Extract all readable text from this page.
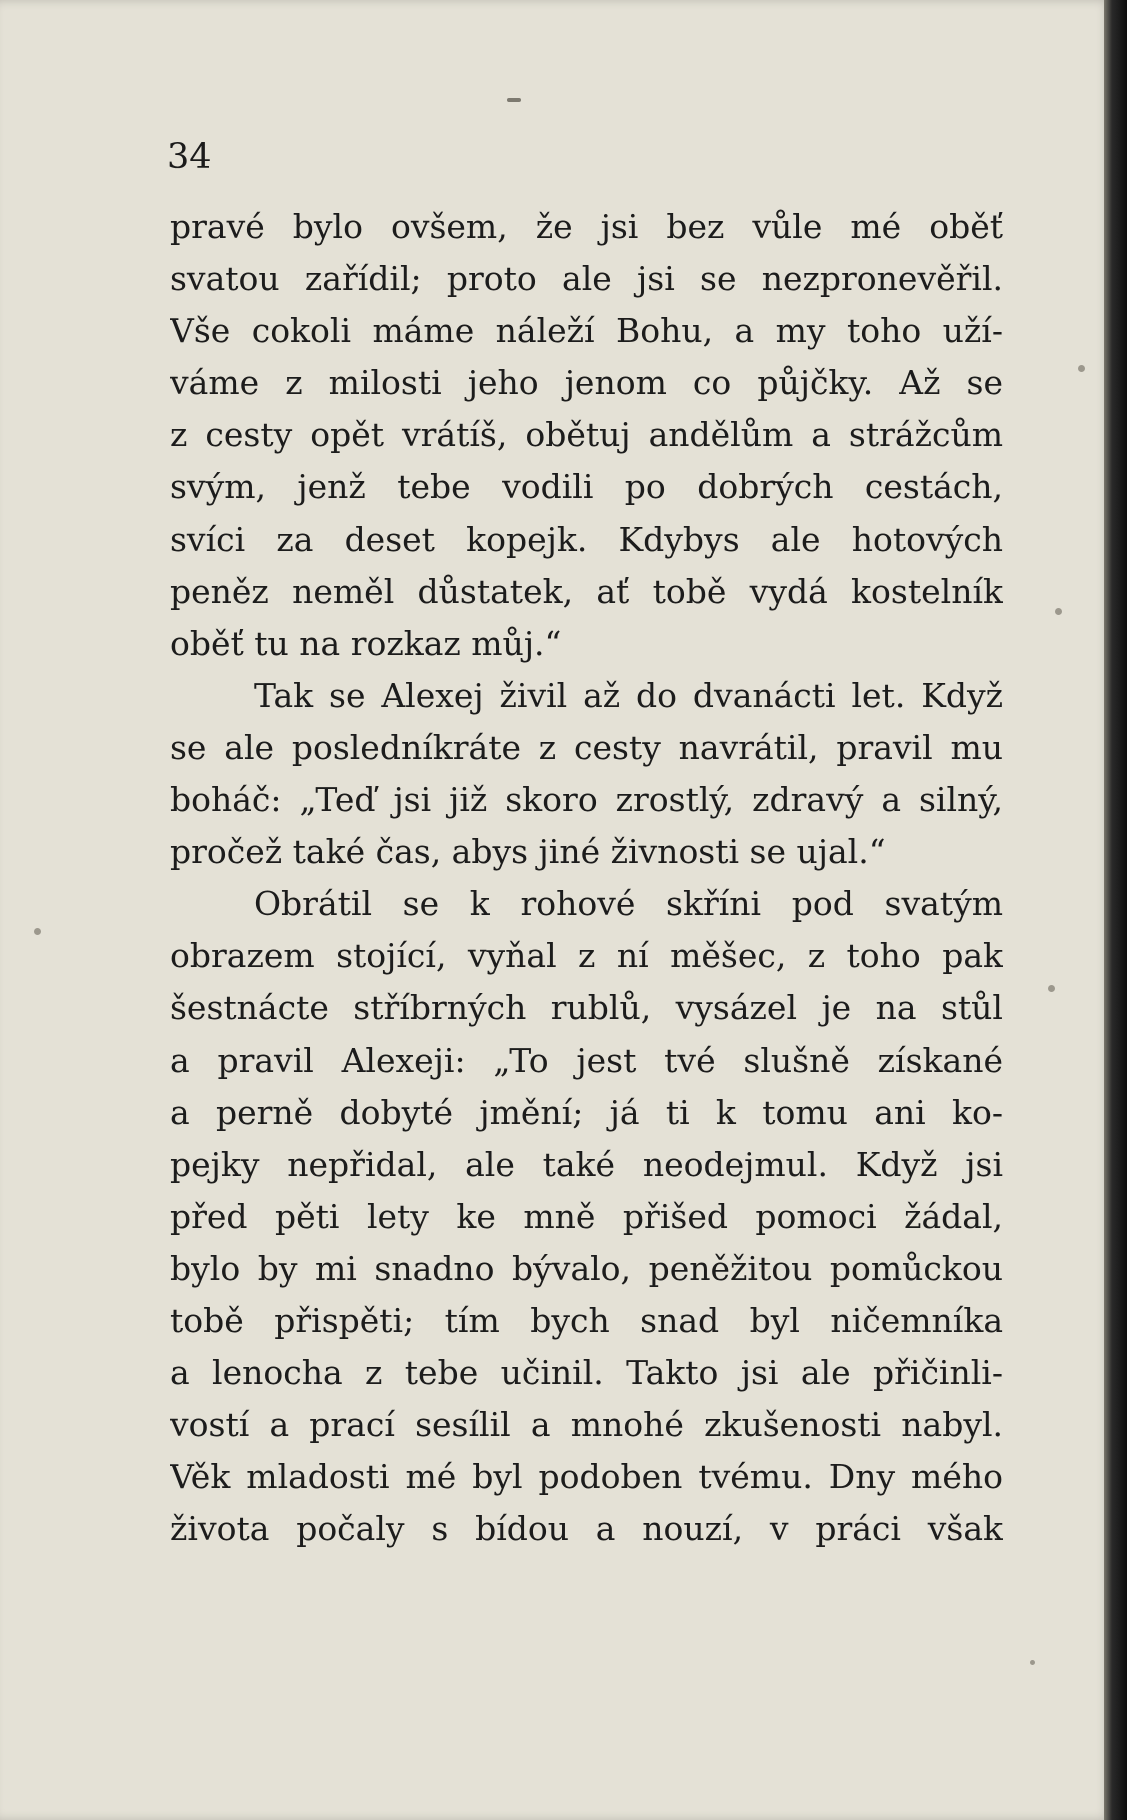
34
pravé bylo ovšem, že jsi bez vůle mé oběť
svatou zařídil; proto ale jsi se nezpronevěřil.
Vše cokoli máme náleží Bohu, a my toho uží-
váme z milosti jeho jenom co půjčky. Až se
z cesty opět vrátíš, obětuj andělům a strážcům
svým, jenž tebe vodili po dobrých cestách,
svíci za deset kopejk. Kdybys ale hotových
peněz neměl důstatek, ať tobě vydá kostelník
oběť tu na rozkaz můj.“
Tak se Alexej živil až do dvanácti let. Když
se ale posledníkráte z cesty navrátil, pravil mu
boháč: „Teď jsi již skoro zrostlý, zdravý a silný,
pročež také čas, abys jiné živnosti se ujal.“
Obrátil se k rohové skříni pod svatým
obrazem stojící, vyňal z ní měšec, z toho pak
šestnácte stříbrných rublů, vysázel je na stůl
a pravil Alexeji: „To jest tvé slušně získané
a perně dobyté jmění; já ti k tomu ani ko-
pejky nepřidal, ale také neodejmul. Když jsi
před pěti lety ke mně přišed pomoci žádal,
bylo by mi snadno bývalo, peněžitou pomůckou
tobě přispěti; tím bych snad byl ničemníka
a lenocha z tebe učinil. Takto jsi ale přičinli-
vostí a prací sesílil a mnohé zkušenosti nabyl.
Věk mladosti mé byl podoben tvému. Dny mého
života počaly s bídou a nouzí, v práci však
